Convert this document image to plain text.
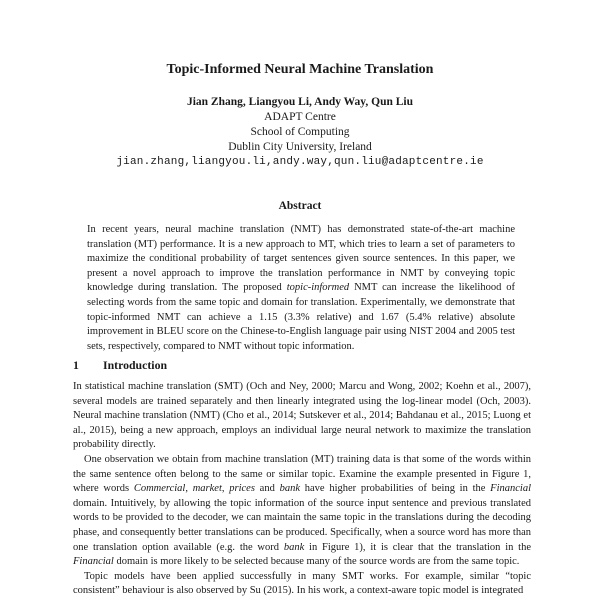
Topic-Informed Neural Machine Translation
Jian Zhang, Liangyou Li, Andy Way, Qun Liu
ADAPT Centre
School of Computing
Dublin City University, Ireland
jian.zhang,liangyou.li,andy.way,qun.liu@adaptcentre.ie
Abstract

In recent years, neural machine translation (NMT) has demonstrated state-of-the-art machine translation (MT) performance. It is a new approach to MT, which tries to learn a set of parameters to maximize the conditional probability of target sentences given source sentences. In this paper, we present a novel approach to improve the translation performance in NMT by conveying topic knowledge during translation. The proposed topic-informed NMT can increase the likelihood of selecting words from the same topic and domain for translation. Experimentally, we demonstrate that topic-informed NMT can achieve a 1.15 (3.3% relative) and 1.67 (5.4% relative) absolute improvement in BLEU score on the Chinese-to-English language pair using NIST 2004 and 2005 test sets, respectively, compared to NMT without topic information.

1 Introduction

In statistical machine translation (SMT) (Och and Ney, 2000; Marcu and Wong, 2002; Koehn et al., 2007), several models are trained separately and then linearly integrated using the log-linear model (Och, 2003). Neural machine translation (NMT) (Cho et al., 2014; Sutskever et al., 2014; Bahdanau et al., 2015; Luong et al., 2015), being a new approach, employs an individual large neural network to maximize the translation probability directly.

One observation we obtain from machine translation (MT) training data is that some of the words within the same sentence often belong to the same or similar topic. Examine the example presented in Figure 1, where words Commercial, market, prices and bank have higher probabilities of being in the Financial domain. Intuitively, by allowing the topic information of the source input sentence and previous translated words to be provided to the decoder, we can maintain the same topic in the translations during the decoding phase, and consequently better translations can be produced. Specifically, when a source word has more than one translation option available (e.g. the word bank in Figure 1), it is clear that the translation in the Financial domain is more likely to be selected because many of the source words are from the same topic.

Topic models have been applied successfully in many SMT works. For example, similar “topic consistent” behaviour is also observed by Su (2015). In his work, a context-aware topic model is integrated
